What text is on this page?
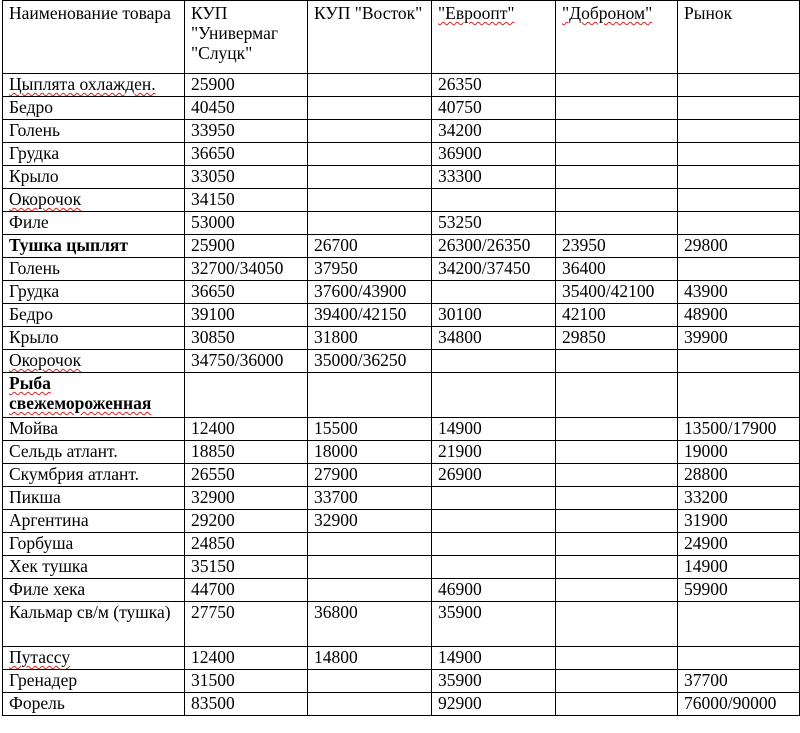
Наименование товара	КУП "Универмаг "Слуцк"	КУП "Восток"	"Евроопт"	"Доброном"	Рынок
Цыплята охлажден.	25900		26350		
Бедро	40450		40750		
Голень	33950		34200		
Грудка	36650		36900		
Крыло	33050		33300		
Окорочок	34150				
Филе	53000		53250		
Тушка цыплят	25900	26700	26300/26350	23950	29800
Голень	32700/34050	37950	34200/37450	36400	
Грудка	36650	37600/43900		35400/42100	43900
Бедро	39100	39400/42150	30100	42100	48900
Крыло	30850	31800	34800	29850	39900
Окорочок	34750/36000	35000/36250			
Рыба свежемороженная					
Мойва	12400	15500	14900		13500/17900
Сельдь атлант.	18850	18000	21900		19000
Скумбрия атлант.	26550	27900	26900		28800
Пикша	32900	33700			33200
Аргентина	29200	32900			31900
Горбуша	24850				24900
Хек тушка	35150				14900
Филе хека	44700		46900		59900
Кальмар св/м (тушка)	27750	36800	35900		
Путассу	12400	14800	14900		
Гренадер	31500		35900		37700
Форель	83500		92900		76000/90000
